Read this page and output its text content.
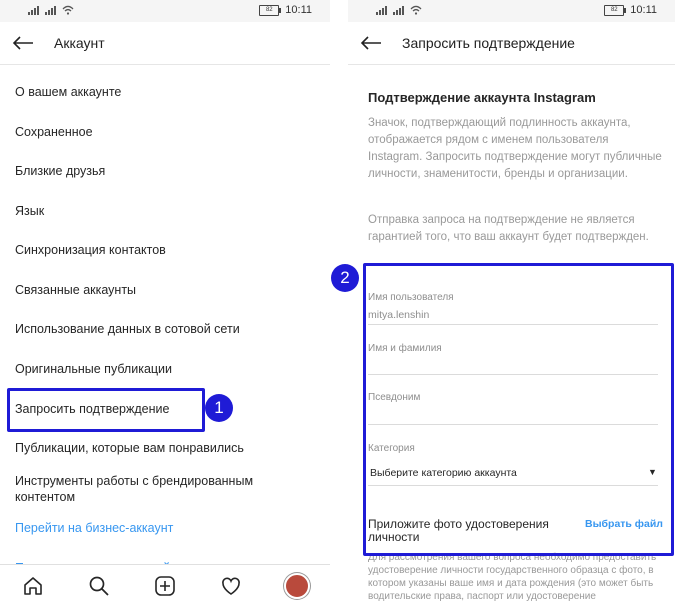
82	10:11
Аккаунт
О вашем аккаунте
Сохраненное
Близкие друзья
Язык
Синхронизация контактов
Связанные аккаунты
Использование данных в сотовой сети
Оригинальные публикации
Запросить подтверждение
Публикации, которые вам понравились
Инструменты работы с брендированным контентом
Перейти на бизнес-аккаунт
1
82	10:11
Запросить подтверждение
Подтверждение аккаунта Instagram
Значок, подтверждающий подлинность аккаунта, отображается рядом с именем пользователя Instagram. Запросить подтверждение могут публичные личности, знаменитости, бренды и организации.
Отправка запроса на подтверждение не является гарантией того, что ваш аккаунт будет подтвержден.
Имя пользователя
mitya.lenshin
Имя и фамилия
Псевдоним
Категория
Выберите категорию аккаунта	▼
Приложите фото удостоверения личности
Выбрать файл
Для рассмотрения вашего вопроса необходимо предоставить удостоверение личности государственного образца с фото, в котором указаны ваше имя и дата рождения (это может быть водительские права, паспорт или удостоверение
2
